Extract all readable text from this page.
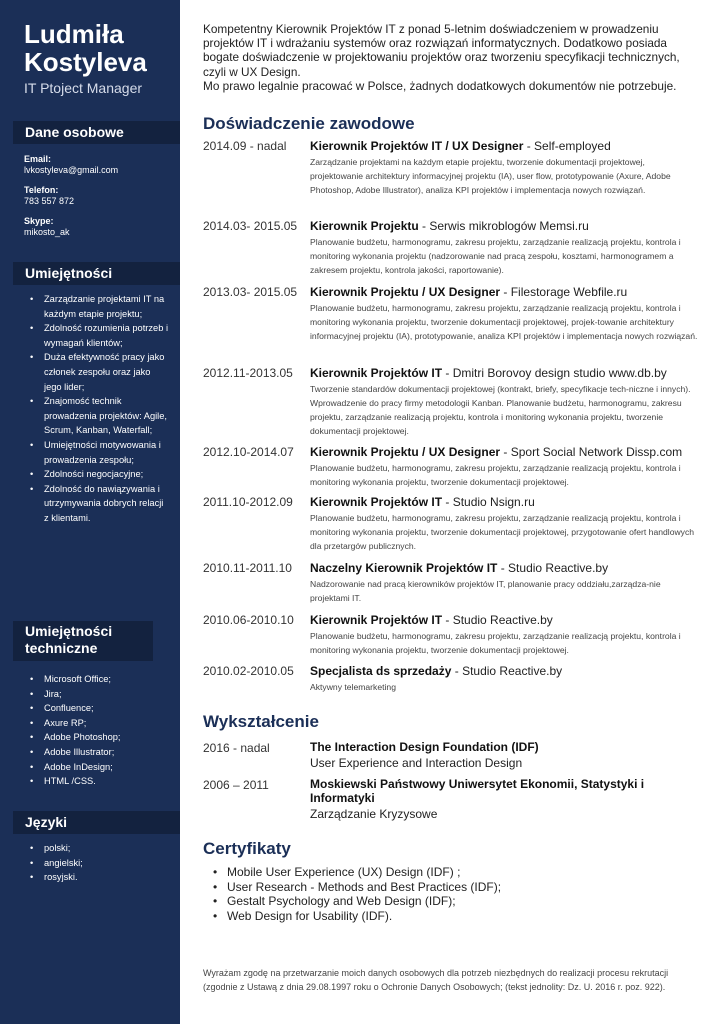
Ludmiła Kostyleva
IT Ptoject Manager
Dane osobowe
Email:
lvkostyleva@gmail.com
Telefon:
783 557 872
Skype:
mikosto_ak
Umiejętności
• Zarządzanie projektami IT na każdym etapie projektu;
• Zdolność rozumienia potrzeb i wymagań klientów;
• Duża efektywność pracy jako członek zespołu oraz jako jego lider;
• Znajomość technik prowadzenia projektów: Agile, Scrum, Kanban, Waterfall;
• Umiejętności motywowania i prowadzenia zespołu;
• Zdolności negocjacyjne;
• Zdolność do nawiązywania i utrzymywania dobrych relacji z klientami.
Umiejętności techniczne
• Microsoft Office;
• Jira;
• Confluence;
• Axure RP;
• Adobe Photoshop;
• Adobe Illustrator;
• Adobe InDesign;
• HTML /CSS.
Języki
• polski;
• angielski;
• rosyjski.
Kompetentny Kierownik Projektów IT z ponad 5-letnim doświadczeniem w prowadzeniu
projektów IT i wdrażaniu systemów oraz rozwiązań informatycznych. Dodatkowo posiada
bogate doświadczenie w projektowaniu projektów oraz tworzeniu specyfikacji technicznych,
czyli w UX Design.
Mo prawo legalnie pracować w Polsce, żadnych dodatkowych dokumentów nie potrzebuje.
Doświadczenie zawodowe
2014.09 - nadal Kierownik Projektów IT / UX Designer - Self-employed
Zarządzanie projektami na każdym etapie projektu, tworzenie dokumentacji projektowej, projektowanie architektury informacyjnej projektu (IA), user flow, prototypowanie (Axure, Adobe Photoshop, Adobe Illustrator), analiza KPI projektów i implementacja nowych rozwiązań.
2014.03- 2015.05 Kierownik Projektu - Serwis mikroblogów Memsi.ru
Planowanie budżetu, harmonogramu, zakresu projektu, zarządzanie realizacją projektu, kontrola i monitoring wykonania projektu (nadzorowanie nad pracą zespołu, kosztami, harmonogramem a zakresem projektu, kontrola jakości, raportowanie).
2013.03- 2015.05 Kierownik Projektu / UX Designer - Filestorage Webfile.ru
Planowanie budżetu, harmonogramu, zakresu projektu, zarządzanie realizacją projektu, kontrola i monitoring wykonania projektu, tworzenie dokumentacji projektowej, projek-towanie architektury informacyjnej projektu (IA), prototypowanie, analiza KPI projektów i implementacja nowych rozwiązań.
2012.11-2013.05 Kierownik Projektów IT - Dmitri Borovoy design studio www.db.by
Tworzenie standardów dokumentacji projektowej (kontrakt, briefy, specyfikacje tech-niczne i innych). Wprowadzenie do pracy firmy metodologii Kanban. Planowanie budżetu, harmonogramu, zakresu projektu, zarządzanie realizacją projektu, kontrola i monitoring wykonania projektu, tworzenie dokumentacji projektowej.
2012.10-2014.07 Kierownik Projektu / UX Designer - Sport Social Network Dissp.com
Planowanie budżetu, harmonogramu, zakresu projektu, zarządzanie realizacją projektu, kontrola i monitoring wykonania projektu, tworzenie dokumentacji projektowej.
2011.10-2012.09 Kierownik Projektów IT - Studio Nsign.ru
Planowanie budżetu, harmonogramu, zakresu projektu, zarządzanie realizacją projektu, kontrola i monitoring wykonania projektu, tworzenie dokumentacji projektowej, przygotowanie ofert handlowych dla przetargów publicznych.
2010.11-2011.10 Naczelny Kierownik Projektów IT - Studio Reactive.by
Nadzorowanie nad pracą kierowników projektów IT, planowanie pracy oddziału,zarządza-nie projektami IT.
2010.06-2010.10 Kierownik Projektów IT - Studio Reactive.by
Planowanie budżetu, harmonogramu, zakresu projektu, zarządzanie realizacją projektu, kontrola i monitoring wykonania projektu, tworzenie dokumentacji projektowej.
2010.02-2010.05 Specjalista ds sprzedaży - Studio Reactive.by
Aktywny telemarketing
Wykształcenie
2016 - nadal	The Interaction Design Foundation (IDF)
User Experience and Interaction Design
2006 – 2011	Moskiewski Państwowy Uniwersytet Ekonomii, Statystyki i Informatyki
Zarządzanie Kryzysowe
Certyfikaty
• Mobile User Experience (UX) Design (IDF) ;
• User Research - Methods and Best Practices (IDF);
• Gestalt Psychology and Web Design (IDF);
• Web Design for Usability (IDF).
Wyrażam zgodę na przetwarzanie moich danych osobowych dla potrzeb niezbędnych do realizacji procesu rekrutacji (zgodnie z Ustawą z dnia 29.08.1997 roku o Ochronie Danych Osobowych; (tekst jednolity: Dz. U. 2016 r. poz. 922).
